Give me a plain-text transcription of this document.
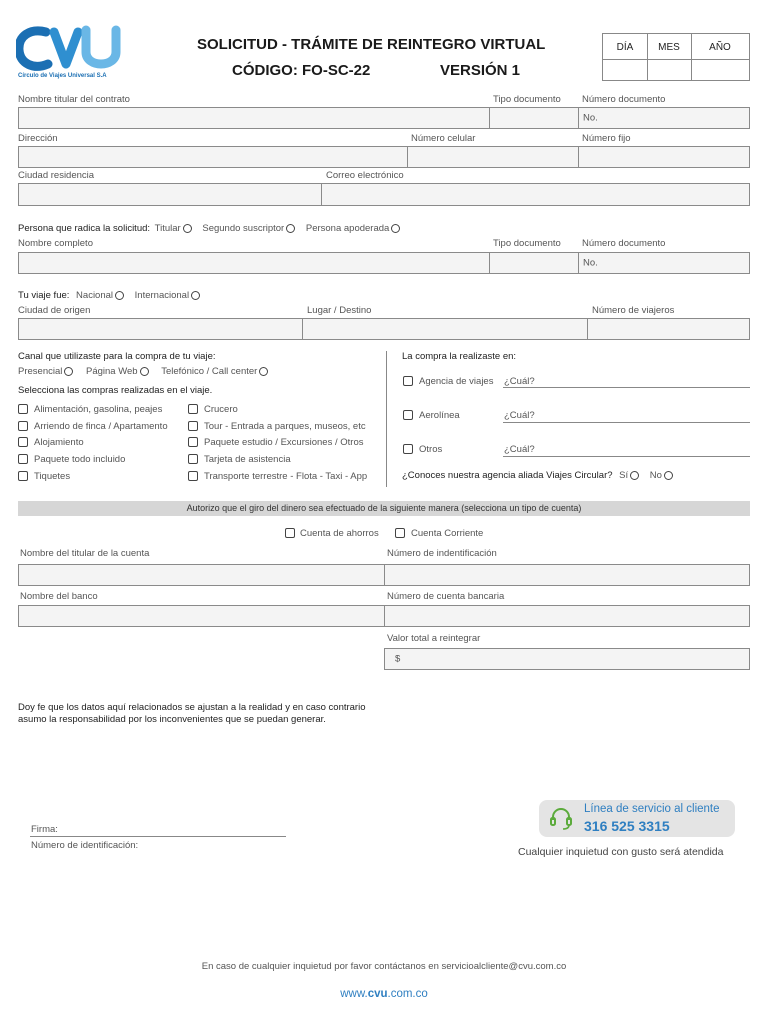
Círculo de Viajes Universal S.A
SOLICITUD - TRÁMITE DE REINTEGRO VIRTUAL
CÓDIGO: FO-SC-22	VERSIÓN 1
DÍA	MES	AÑO
Nombre titular del contrato	Tipo documento Número documento
No.
Dirección	Número celular	Número fijo
Ciudad residencia	Correo electrónico
Persona que radica la solicitud: Titular Segundo suscriptor Persona apoderada
Nombre completo	Tipo documento Número documento
No.
Tu viaje fue: Nacional Internacional
Ciudad de origen	Lugar / Destino	Número de viajeros
Canal que utilizaste para la compra de tu viaje:
Presencial Página Web Telefónico / Call center
Selecciona las compras realizadas en el viaje.
Alimentación, gasolina, peajes
Arriendo de finca / Apartamento
Alojamiento
Paquete todo incluido
Tiquetes
Crucero
Tour - Entrada a parques, museos, etc
Paquete estudio / Excursiones / Otros
Tarjeta de asistencia
Transporte terrestre - Flota - Taxi - App
La compra la realizaste en:
Agencia de viajes ¿Cuál?
Aerolínea	¿Cuál?
Otros	¿Cuál?
¿Conoces nuestra agencia aliada Viajes Circular? Sí No
Autorizo que el giro del dinero sea efectuado de la siguiente manera (selecciona un tipo de cuenta)
Cuenta de ahorros	Cuenta Corriente
Nombre del titular de la cuenta	Número de indentificación
Nombre del banco	Número de cuenta bancaria
Valor total a reintegrar
$
Doy fe que los datos aquí relacionados se ajustan a la realidad y en caso contrario
asumo la responsabilidad por los inconvenientes que se puedan generar.
Firma:
Número de identificación:
Línea de servicio al cliente
316 525 3315
Cualquier inquietud con gusto será atendida
En caso de cualquier inquietud por favor contáctanos en servicioalcliente@cvu.com.co
www.cvu.com.co
